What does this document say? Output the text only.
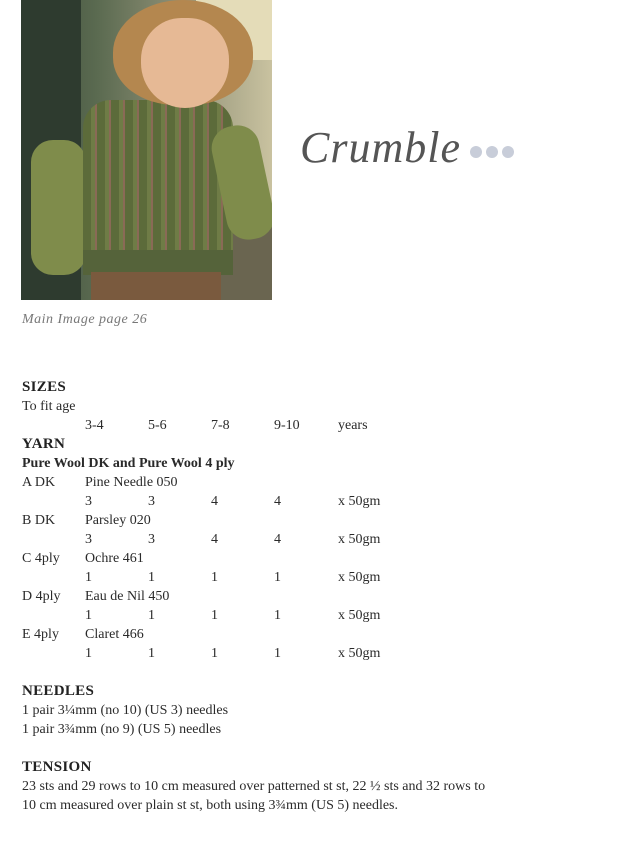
Main Image page 26
Crumble
SIZES
To fit age
3-4	5-6	7-8	9-10	years
YARN
Pure Wool DK and Pure Wool 4 ply
A DK Pine Needle 050
3	3	4	4	x 50gm
B DK Parsley 020
3	3	4	4	x 50gm
C 4ply Ochre 461
1	1	1	1	x 50gm
D 4ply Eau de Nil 450
1	1	1	1	x 50gm
E 4ply Claret 466
1	1	1	1	x 50gm
NEEDLES
1 pair 3¼mm (no 10) (US 3) needles
1 pair 3¾mm (no 9) (US 5) needles
TENSION
23 sts and 29 rows to 10 cm measured over patterned st st, 22 ½ sts and 32 rows to
10 cm measured over plain st st, both using 3¾mm (US 5) needles.
